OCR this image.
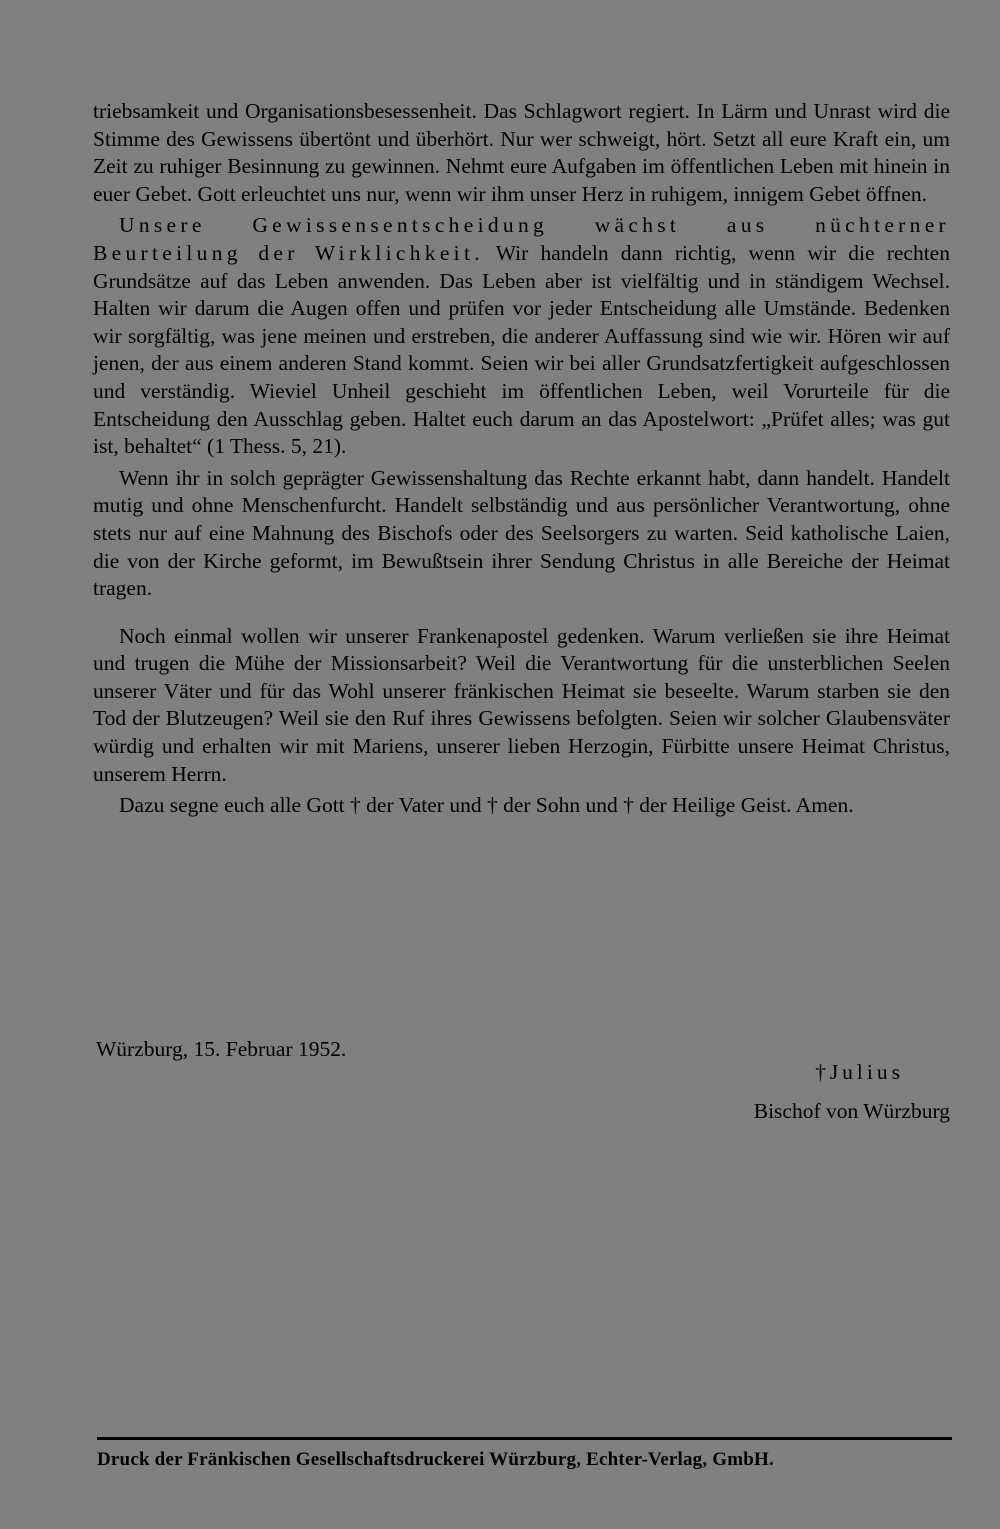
triebsamkeit und Organisationsbesessenheit. Das Schlagwort regiert. In Lärm und Unrast wird die Stimme des Gewissens übertönt und überhört. Nur wer schweigt, hört. Setzt all eure Kraft ein, um Zeit zu ruhiger Besinnung zu gewinnen. Nehmt eure Aufgaben im öffentlichen Leben mit hinein in euer Gebet. Gott erleuchtet uns nur, wenn wir ihm unser Herz in ruhigem, innigem Gebet öffnen.

Unsere Gewissensentscheidung wächst aus nüchterner Beurteilung der Wirklichkeit. Wir handeln dann richtig, wenn wir die rechten Grundsätze auf das Leben anwenden. Das Leben aber ist vielfältig und in ständigem Wechsel. Halten wir darum die Augen offen und prüfen vor jeder Entscheidung alle Umstände. Bedenken wir sorgfältig, was jene meinen und erstreben, die anderer Auffassung sind wie wir. Hören wir auf jenen, der aus einem anderen Stand kommt. Seien wir bei aller Grundsatzfertigkeit aufgeschlossen und verständig. Wieviel Unheil geschieht im öffentlichen Leben, weil Vorurteile für die Entscheidung den Ausschlag geben. Haltet euch darum an das Apostelwort: „Prüfet alles; was gut ist, behaltet“ (1 Thess. 5, 21).

Wenn ihr in solch geprägter Gewissenshaltung das Rechte erkannt habt, dann handelt. Handelt mutig und ohne Menschenfurcht. Handelt selbständig und aus persönlicher Verantwortung, ohne stets nur auf eine Mahnung des Bischofs oder des Seelsorgers zu warten. Seid katholische Laien, die von der Kirche geformt, im Bewußtsein ihrer Sendung Christus in alle Bereiche der Heimat tragen.

Noch einmal wollen wir unserer Frankenapostel gedenken. Warum verließen sie ihre Heimat und trugen die Mühe der Missionsarbeit? Weil die Verantwortung für die unsterblichen Seelen unserer Väter und für das Wohl unserer fränkischen Heimat sie beseelte. Warum starben sie den Tod der Blutzeugen? Weil sie den Ruf ihres Gewissens befolgten. Seien wir solcher Glaubensväter würdig und erhalten wir mit Mariens, unserer lieben Herzogin, Fürbitte unsere Heimat Christus, unserem Herrn.

Dazu segne euch alle Gott † der Vater und † der Sohn und † der Heilige Geist. Amen.

Würzburg, 15. Februar 1952.
†Julius
Bischof von Würzburg
Druck der Fränkischen Gesellschaftsdruckerei Würzburg, Echter-Verlag, GmbH.
